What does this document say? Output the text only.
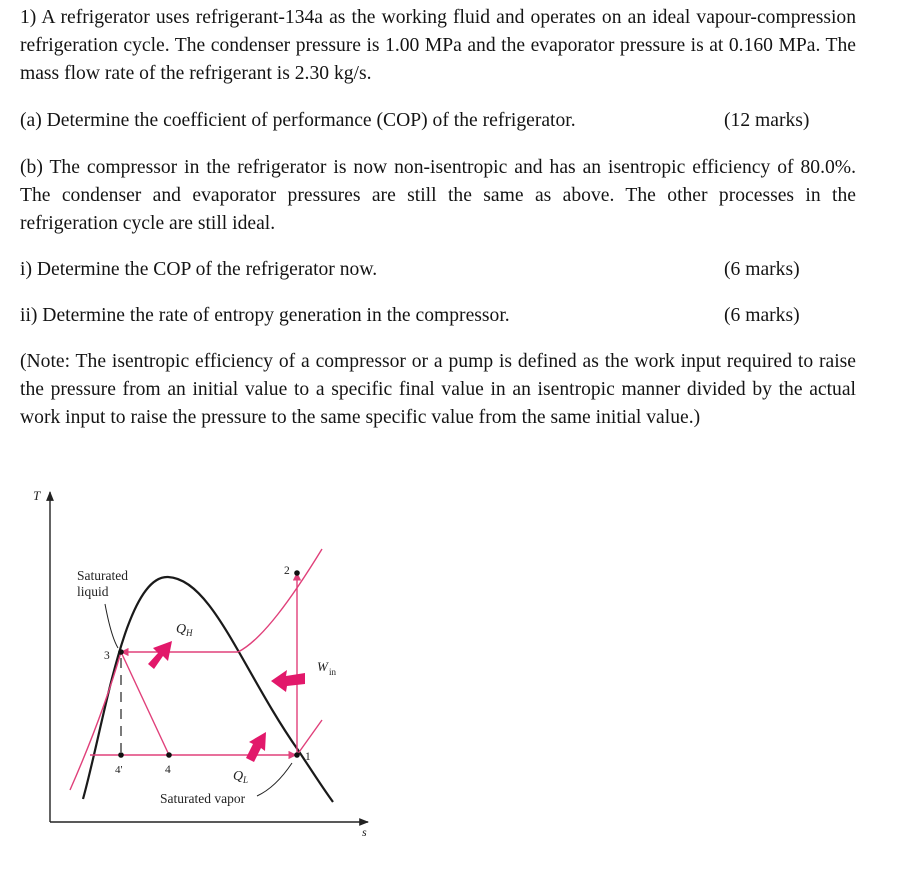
1) A refrigerator uses refrigerant-134a as the working fluid and operates on an ideal vapour-compression refrigeration cycle. The condenser pressure is 1.00 MPa and the evaporator pressure is at 0.160 MPa. The mass flow rate of the refrigerant is 2.30 kg/s.

(a) Determine the coefficient of performance (COP) of the refrigerator.	(12 marks)

(b) The compressor in the refrigerator is now non-isentropic and has an isentropic efficiency of 80.0%. The condenser and evaporator pressures are still the same as above. The other processes in the refrigeration cycle are still ideal.

i) Determine the COP of the refrigerator now.	(6 marks)

ii) Determine the rate of entropy generation in the compressor.	(6 marks)

(Note: The isentropic efficiency of a compressor or a pump is defined as the work input required to raise the pressure from an initial value to a specific final value in an isentropic manner divided by the actual work input to raise the pressure to the same specific value from the same initial value.)

T
s
Saturated
liquid
3
2
1
4'	4
Q H
W in
Q L
Saturated vapor
